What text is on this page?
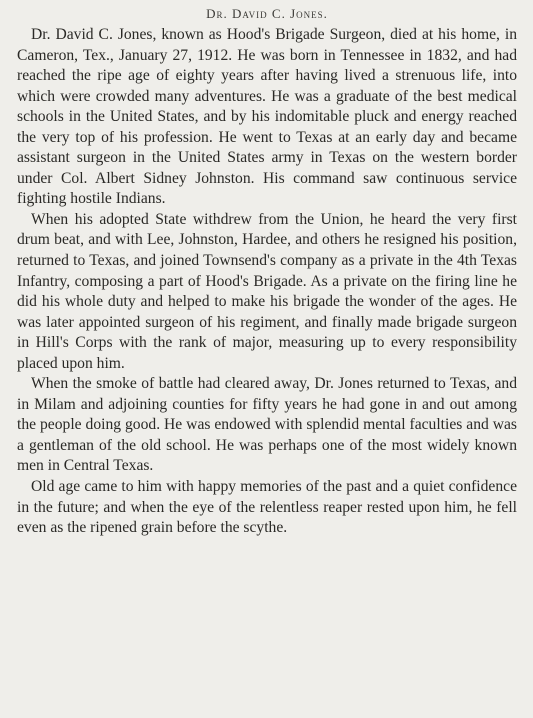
Dr. David C. Jones.

Dr. David C. Jones, known as Hood's Brigade Surgeon, died at his home, in Cameron, Tex., January 27, 1912. He was born in Tennessee in 1832, and had reached the ripe age of eighty years after having lived a strenuous life, into which were crowded many adventures. He was a graduate of the best medical schools in the United States, and by his indomitable pluck and energy reached the very top of his profession. He went to Texas at an early day and became assistant surgeon in the United States army in Texas on the western border under Col. Albert Sidney Johnston. His command saw continuous service fighting hostile Indians.

When his adopted State withdrew from the Union, he heard the very first drum beat, and with Lee, Johnston, Hardee, and others he resigned his position, returned to Texas, and joined Townsend's company as a private in the 4th Texas Infantry, composing a part of Hood's Brigade. As a private on the firing line he did his whole duty and helped to make his brigade the wonder of the ages. He was later appointed surgeon of his regiment, and finally made brigade surgeon in Hill's Corps with the rank of major, measuring up to every responsibility placed upon him.

When the smoke of battle had cleared away, Dr. Jones returned to Texas, and in Milam and adjoining counties for fifty years he had gone in and out among the people doing good. He was endowed with splendid mental faculties and was a gentleman of the old school. He was perhaps one of the most widely known men in Central Texas.

Old age came to him with happy memories of the past and a quiet confidence in the future; and when the eye of the relentless reaper rested upon him, he fell even as the ripened grain before the scythe.
